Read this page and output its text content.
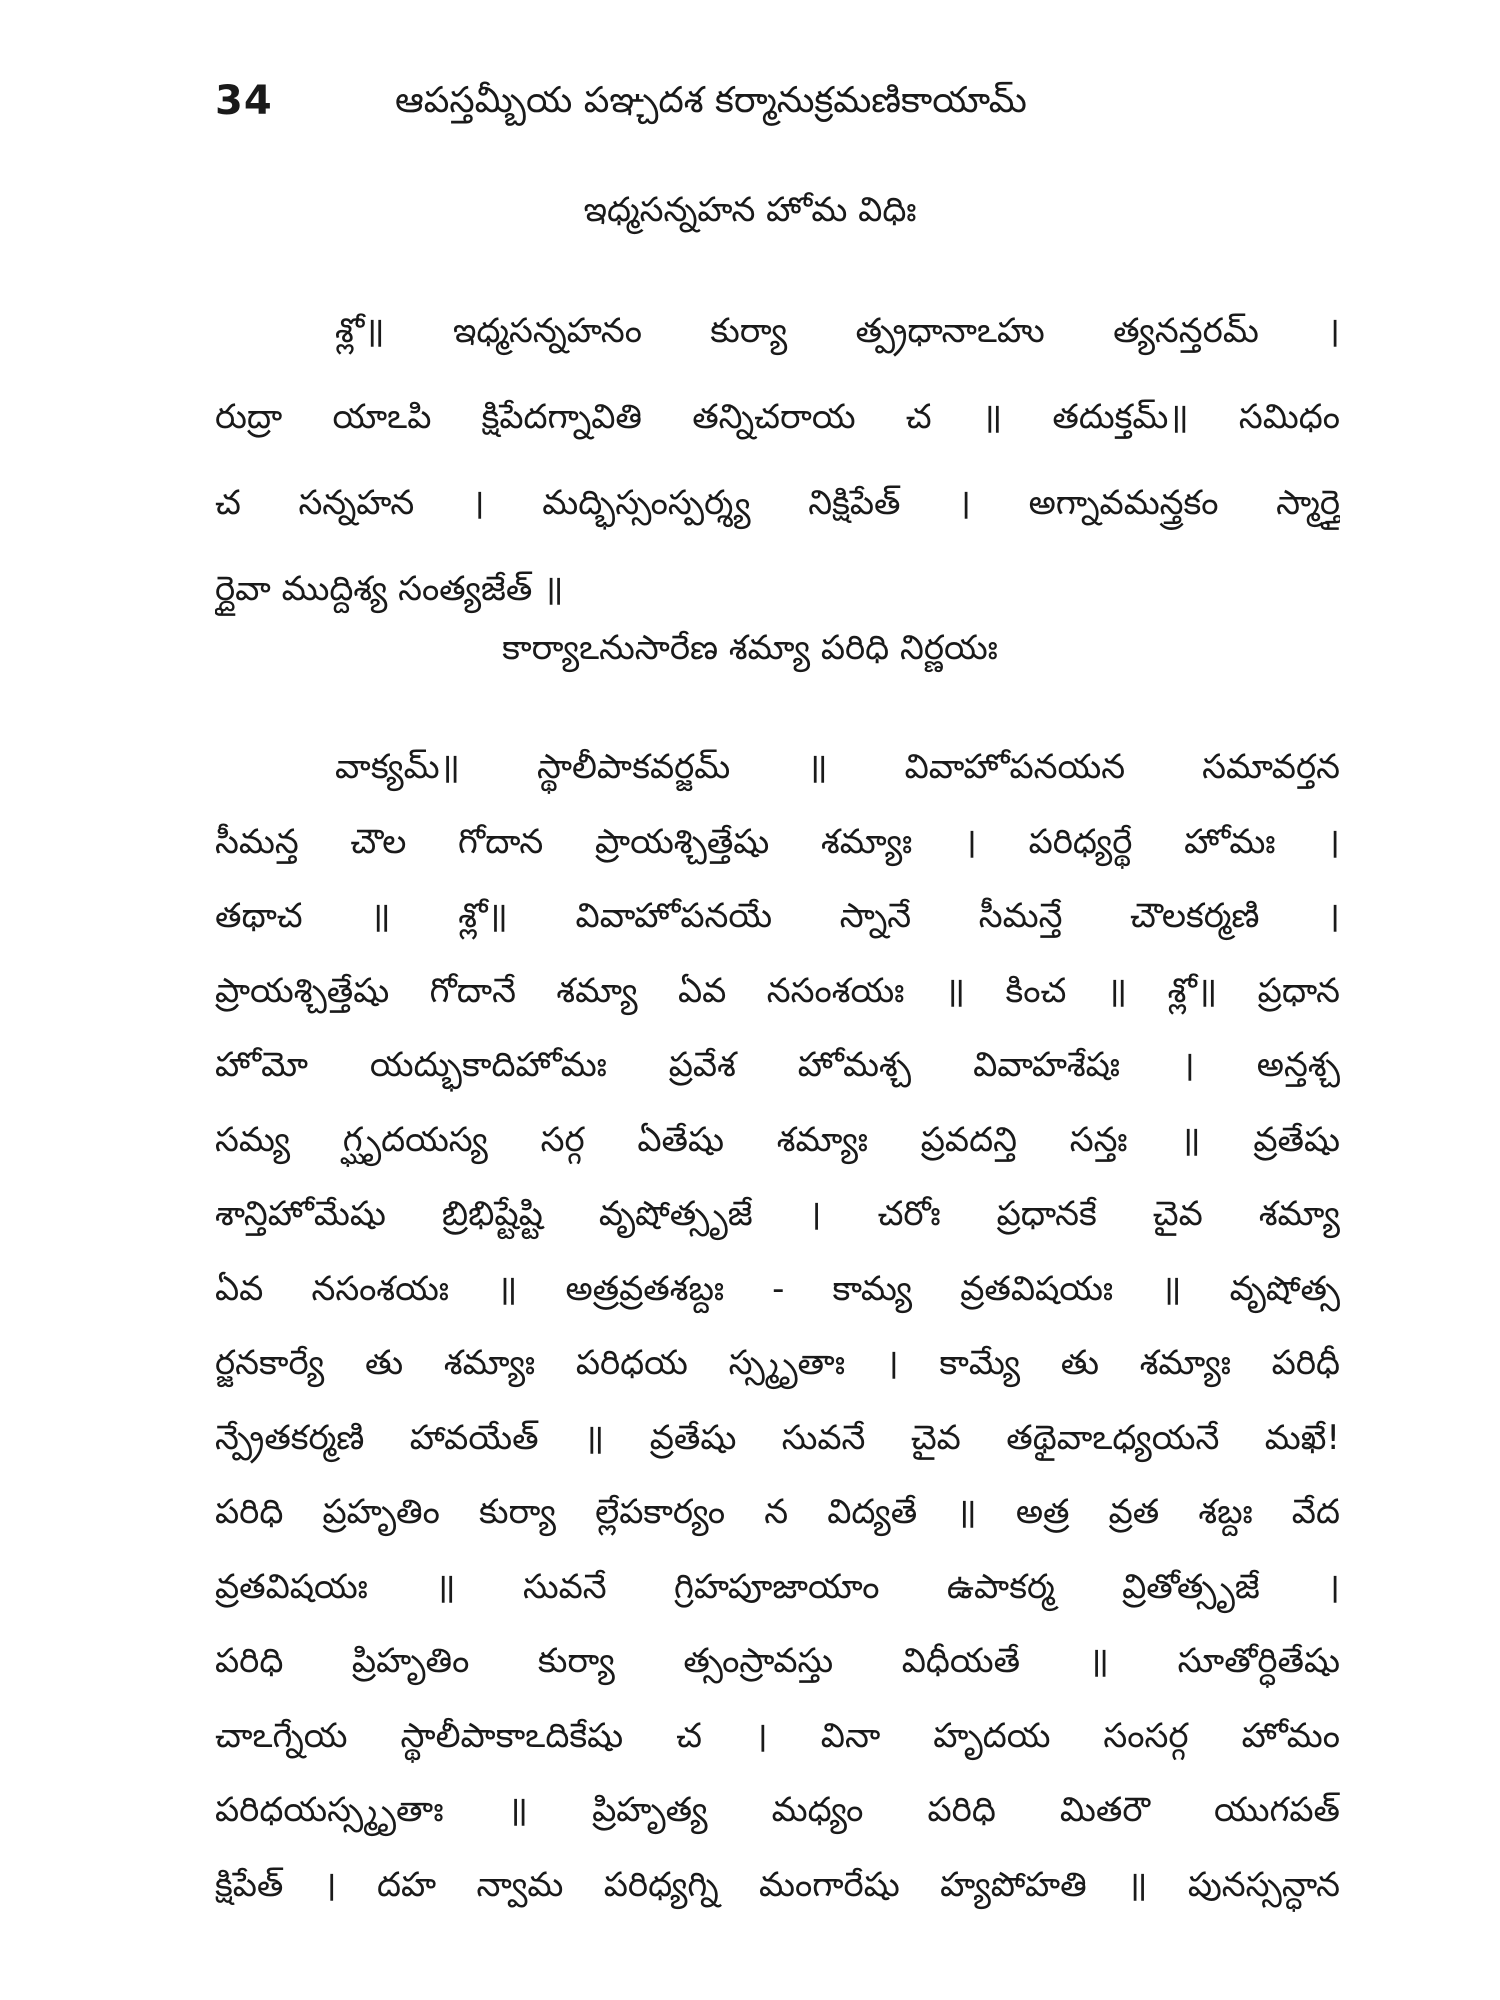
34	ఆపస్తమ్బీయ పఞ్చదశ కర్మానుక్రమణికాయామ్
ఇధ్మసన్నహన హోమ విధిః
శ్లో॥ ఇధ్మసన్నహనం కుర్యా త్ప్రధానాఽహు త్యనన్తరమ్ ।
రుద్రా యాఽపి క్షిపేదగ్నావితి తన్నిచరాయ చ ॥ తదుక్తమ్॥ సమిధం
చ సన్నహన । మద్భిస్సంస్పర్శ్య నిక్షిపేత్ । అగ్నావమన్త్రకం స్మార్తై
ర్దైవా ముద్దిశ్య సంత్యజేత్ ॥
కార్యాఽనుసారేణ శమ్యా పరిధి నిర్ణయః
వాక్యమ్॥ స్థాలీపాకవర్జమ్ ॥ వివాహోపనయన సమావర్తన
సీమన్త చౌల గోదాన ప్రాయశ్చిత్తేషు శమ్యాః । పరిధ్యర్థే హోమః ।
తథాచ ॥ శ్లో॥ వివాహోపనయే స్నానే సీమన్తే చౌలకర్మణి ।
ప్రాయశ్చిత్తేషు గోదానే శమ్యా ఏవ నసంశయః ॥ కించ ॥ శ్లో॥ ప్రధాన
హోమో యద్భుకాదిహోమః ప్రవేశ హోమశ్చ వివాహశేషః । అన్తశ్చ
సమ్య గ్ఘృదయస్య సర్గ ఏతేషు శమ్యాః ప్రవదన్తి సన్తః ॥ వ్రతేషు
శాన్తిహోమేషు బ్రిభిష్టేష్టి వృషోత్సృజే । చరోః ప్రధానకే చైవ శమ్యా
ఏవ నసంశయః ॥ అత్రవ్రతశబ్దః - కామ్య వ్రతవిషయః ॥ వృషోత్స
ర్జనకార్యే తు శమ్యాః పరిధయ స్స్మృతాః । కామ్యే తు శమ్యాః పరిధీ
న్ప్రేతకర్మణి హావయేత్ ॥ వ్రతేషు సువనే చైవ తథైవాఽధ్యయనే మఖే!
పరిధి ప్రహృతిం కుర్యా ల్లేపకార్యం న విద్యతే ॥ అత్ర వ్రత శబ్దః వేద
వ్రతవిషయః ॥ సువనే గ్రిహపూజాయాం ఉపాకర్మ వ్రితోత్సృజే ।
పరిధి ప్రిహృతిం కుర్యా త్సంస్రావస్తు విధీయతే ॥ సూతోర్ధితేషు
చాఽగ్నేయ స్థాలీపాకాఽదికేషు చ । వినా హృదయ సంసర్గ హోమం
పరిధయస్స్మృతాః ॥ ప్రిహృత్య మధ్యం పరిధి మితరౌ యుగపత్
క్షిపేత్ । దహ న్వామ పరిధ్యగ్ని మంగారేషు హ్యపోహతి ॥ పునస్సన్ధాన
